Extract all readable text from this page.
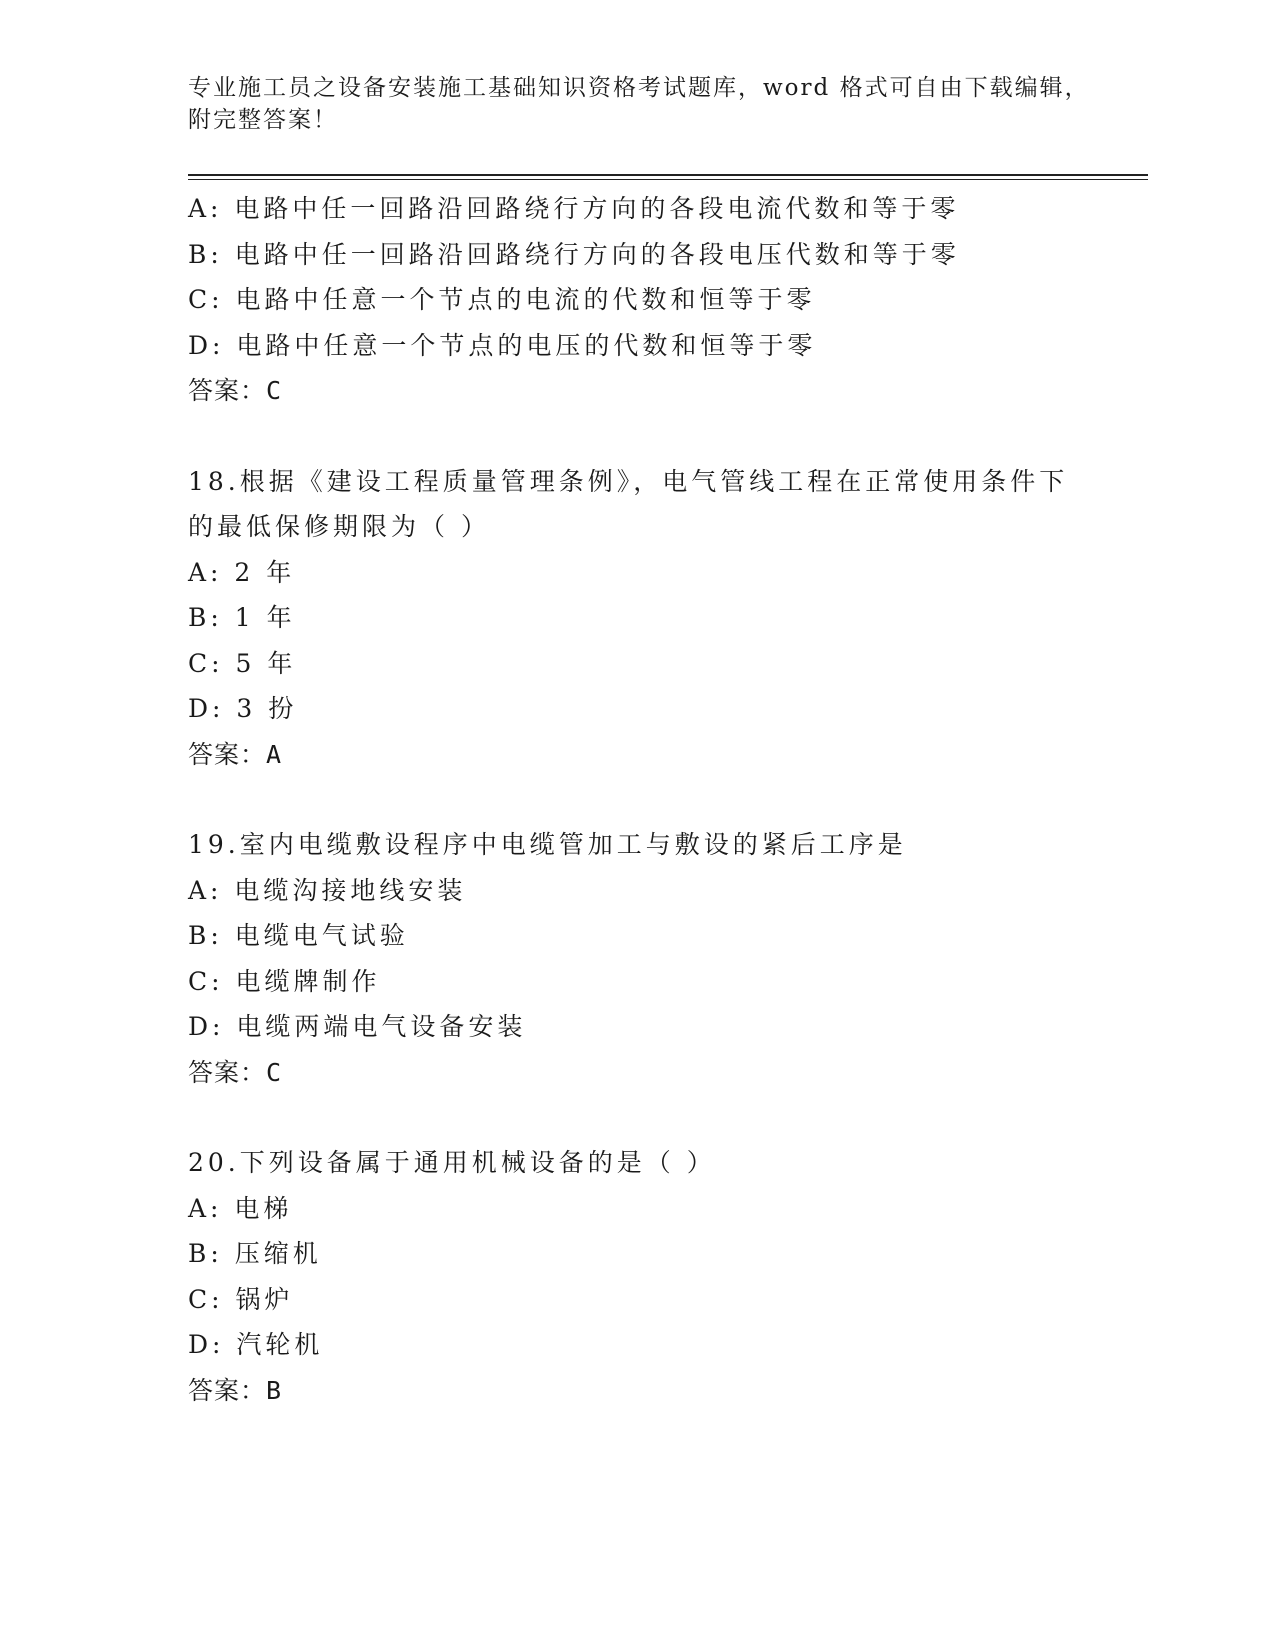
专业施工员之设备安装施工基础知识资格考试题库，word 格式可自由下载编辑，
附完整答案！
A: 电路中任一回路沿回路绕行方向的各段电流代数和等于零
B: 电路中任一回路沿回路绕行方向的各段电压代数和等于零
C: 电路中任意一个节点的电流的代数和恒等于零
D: 电路中任意一个节点的电压的代数和恒等于零
答案：C
18.根据《建设工程质量管理条例》，电气管线工程在正常使用条件下
的最低保修期限为（ ）
A: 2 年
B: 1 年
C: 5 年
D: 3 扮
答案：A
19.室内电缆敷设程序中电缆管加工与敷设的紧后工序是
A: 电缆沟接地线安装
B: 电缆电气试验
C: 电缆牌制作
D: 电缆两端电气设备安装
答案：C
20.下列设备属于通用机械设备的是（ ）
A: 电梯
B: 压缩机
C: 锅炉
D: 汽轮机
答案：B
